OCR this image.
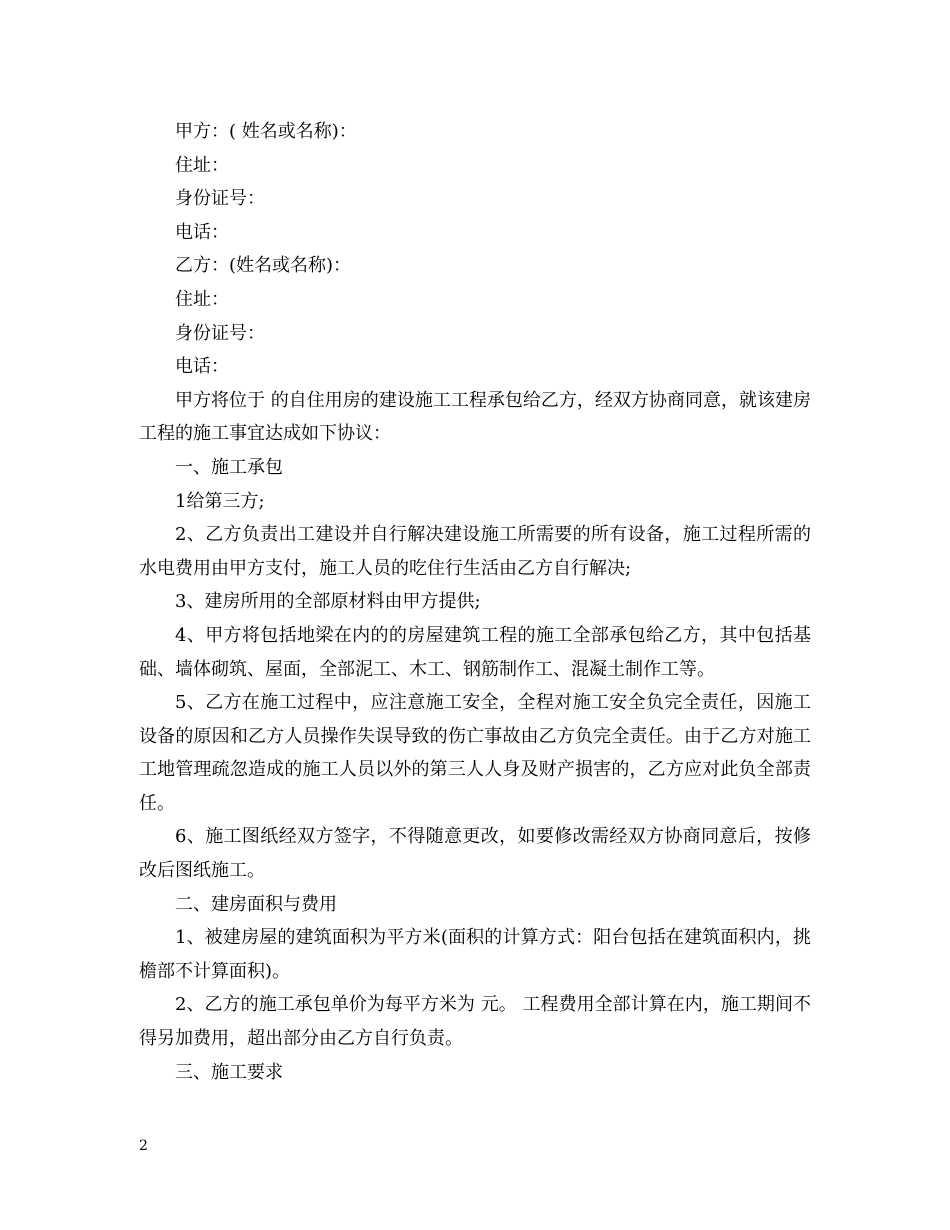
甲方：( 姓名或名称)：

住址：

身份证号：

电话：

乙方：(姓名或名称)：

住址：

身份证号：

电话：

甲方将位于 的自住用房的建设施工工程承包给乙方，经双方协商同意，就该建房工程的施工事宜达成如下协议：

一、施工承包

1给第三方;

2、乙方负责出工建设并自行解决建设施工所需要的所有设备，施工过程所需的水电费用由甲方支付，施工人员的吃住行生活由乙方自行解决;

3、建房所用的全部原材料由甲方提供;

4、甲方将包括地梁在内的的房屋建筑工程的施工全部承包给乙方，其中包括基础、墙体砌筑、屋面，全部泥工、木工、钢筋制作工、混凝土制作工等。

5、乙方在施工过程中，应注意施工安全，全程对施工安全负完全责任，因施工设备的原因和乙方人员操作失误导致的伤亡事故由乙方负完全责任。由于乙方对施工工地管理疏忽造成的施工人员以外的第三人人身及财产损害的，乙方应对此负全部责任。

6、施工图纸经双方签字，不得随意更改，如要修改需经双方协商同意后，按修改后图纸施工。

二、建房面积与费用

1、被建房屋的建筑面积为平方米(面积的计算方式：阳台包括在建筑面积内，挑檐部不计算面积)。

2、乙方的施工承包单价为每平方米为 元。 工程费用全部计算在内，施工期间不得另加费用，超出部分由乙方自行负责。

三、施工要求

2
